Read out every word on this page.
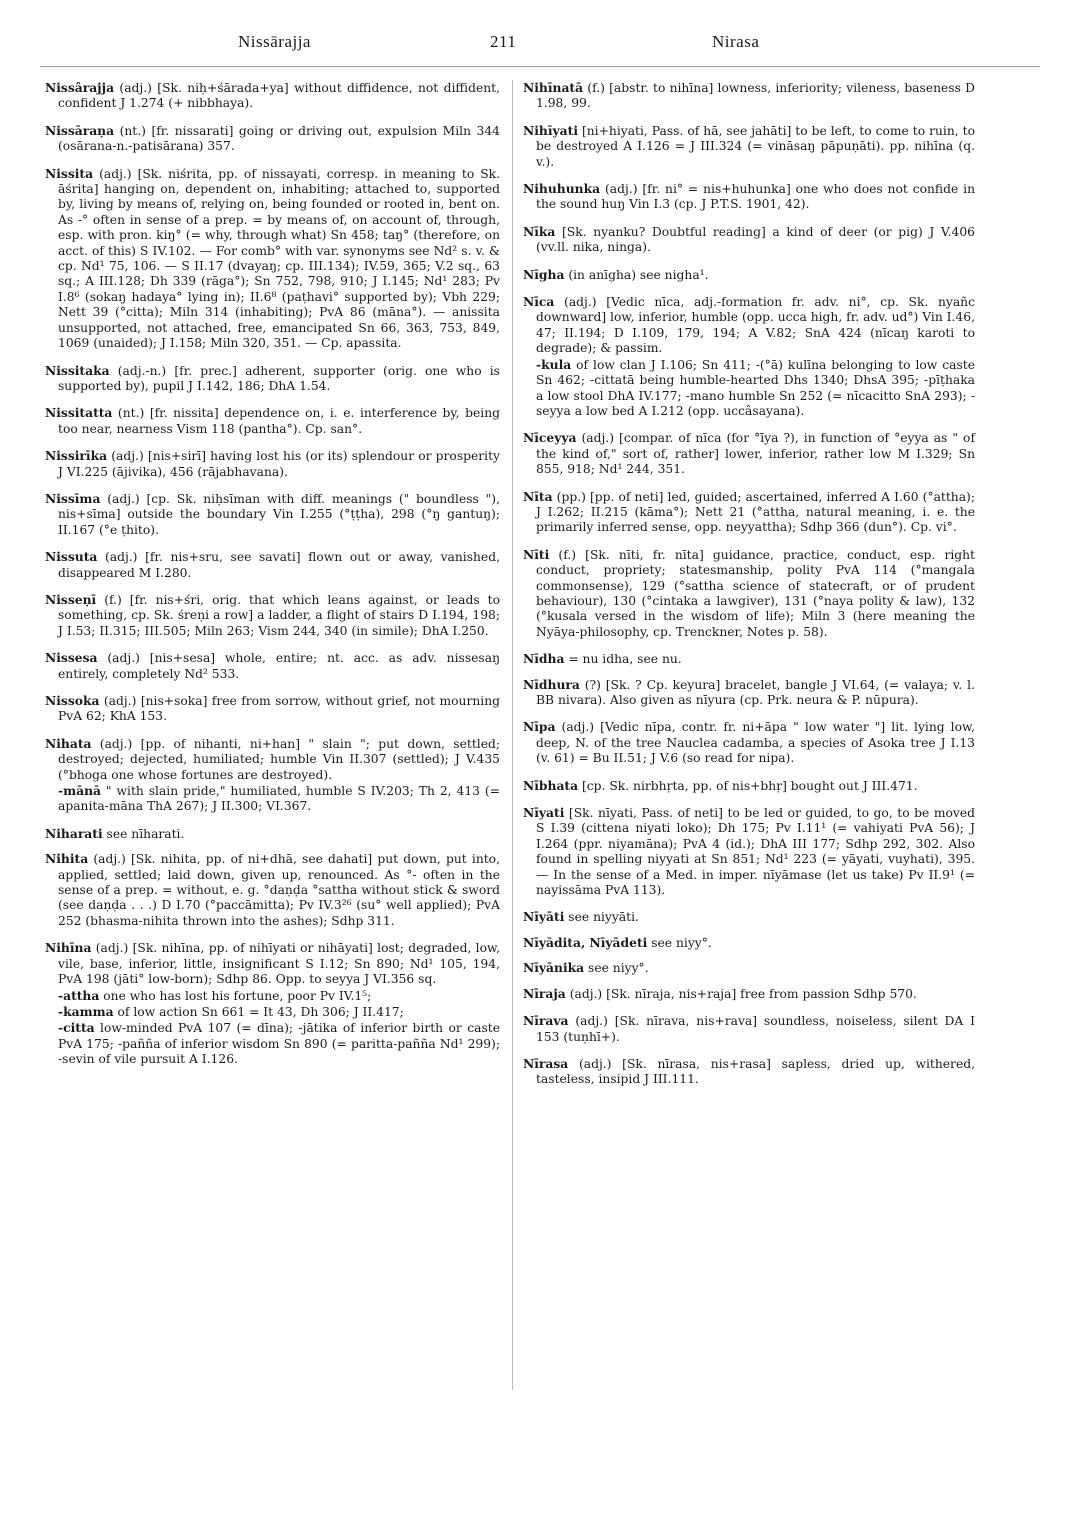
Nissārajja	211	Nirasa
Nissârajja (adj.) [Sk. niḥ+śārada+ya] without diffidence, not diffident, confident J 1.274 (+ nibbhaya).
Nissāraṇa (nt.) [fr. nissarati] going or driving out, expulsion Miln 344 (osārana-n.-patisārana) 357.
Nissita (adj.) [Sk. niśrita, pp. of nissayati, corresp. in meaning to Sk. āśrita] hanging on, dependent on, inhabiting; attached to, supported by, living by means of, relying on, being founded or rooted in, bent on. As -° often in sense of a prep. = by means of, on account of, through, esp. with pron. kiŋ° (= why, through what) Sn 458; taŋ° (therefore, on acct. of this) S IV.102. — For comb° with var. synonyms see Nd² s. v. & cp. Nd¹ 75, 106. — S II.17 (dvayaŋ; cp. III.134); IV.59, 365; V.2 sq., 63 sq.; A III.128; Dh 339 (rāga°); Sn 752, 798, 910; J I.145; Nd¹ 283; Pv I.8⁶ (sokaŋ hadaya° lying in); II.6⁸ (paṭhavi° supported by); Vbh 229; Nett 39 (°citta); Miln 314 (inhabiting); PvA 86 (māna°). — anissita unsupported, not attached, free, emancipated Sn 66, 363, 753, 849, 1069 (unaided); J I.158; Miln 320, 351. — Cp. apassita.
Nissitaka (adj.-n.) [fr. prec.] adherent, supporter (orig. one who is supported by), pupil J I.142, 186; DhA 1.54.
Nissitatta (nt.) [fr. nissita] dependence on, i. e. interference by, being too near, nearness Vism 118 (pantha°). Cp. san°.
Nissirīka (adj.) [nis+sirī] having lost his (or its) splendour or prosperity J VI.225 (ājivika), 456 (rājabhavana).
Nissīma (adj.) [cp. Sk. niḥsīman with diff. meanings (" boundless "), nis+sīma] outside the boundary Vin I.255 (°ṭṭha), 298 (°ŋ gantuŋ); II.167 (°e ṭhito).
Nissuta (adj.) [fr. nis+sru, see savati] flown out or away, vanished, disappeared M I.280.
Nisseṇī (f.) [fr. nis+śri, orig. that which leans against, or leads to something, cp. Sk. śreṇi a row] a ladder, a flight of stairs D I.194, 198; J I.53; II.315; III.505; Miln 263; Vism 244, 340 (in simile); DhA I.250.
Nissesa (adj.) [nis+sesa] whole, entire; nt. acc. as adv. nissesaŋ entirely, completely Nd² 533.
Nissoka (adj.) [nis+soka] free from sorrow, without grief, not mourning PvA 62; KhA 153.
Nihata (adj.) [pp. of nihanti, ni+han] " slain "; put down, settled; destroyed; dejected, humiliated; humble Vin II.307 (settled); J V.435 (°bhoga one whose fortunes are destroyed).
-mānā " with slain pride," humiliated, humble S IV.203; Th 2, 413 (= apanita-māna ThA 267); J II.300; VI.367.
Niharati see nīharati.
Nihita (adj.) [Sk. nihita, pp. of ni+dhā, see dahati] put down, put into, applied, settled; laid down, given up, renounced. As °- often in the sense of a prep. = without, e. g. °daṇḍa °sattha without stick & sword (see daṇḍa . . .) D I.70 (°paccāmitta); Pv IV.3²⁶ (su° well applied); PvA 252 (bhasma-nihita thrown into the ashes); Sdhp 311.
Nihīna (adj.) [Sk. nihīna, pp. of nihīyati or nihāyati] lost; degraded, low, vile, base, inferior, little, insignificant S I.12; Sn 890; Nd¹ 105, 194, PvA 198 (jāti° low-born); Sdhp 86. Opp. to seyya J VI.356 sq.
-attha one who has lost his fortune, poor Pv IV.1⁵;
-kamma of low action Sn 661 = It 43, Dh 306; J II.417;
-citta low-minded PvA 107 (= dīna); -jātika of inferior birth or caste PvA 175; -pañña of inferior wisdom Sn 890 (= paritta-pañña Nd¹ 299); -sevin of vile pursuit A I.126.
Nihīnatā (f.) [abstr. to nihīna] lowness, inferiority; vileness, baseness D 1.98, 99.
Nihīyati [ni+hiyati, Pass. of hā, see jahāti] to be left, to come to ruin, to be destroyed A I.126 = J III.324 (= vināsaŋ pāpuṇāti). pp. nihīna (q. v.).
Nihuhunka (adj.) [fr. ni° = nis+huhunka] one who does not confide in the sound huŋ Vin I.3 (cp. J P.T.S. 1901, 42).
Nīka [Sk. nyanku? Doubtful reading] a kind of deer (or pig) J V.406 (vv.ll. nika, ninga).
Nīgha (in anīgha) see nigha¹.
Nīca (adj.) [Vedic nīca, adj.-formation fr. adv. ni°, cp. Sk. nyañc downward] low, inferior, humble (opp. ucca high, fr. adv. ud°) Vin I.46, 47; II.194; D I.109, 179, 194; A V.82; SnA 424 (nīcaŋ karoti to degrade); & passim.
-kula of low clan J I.106; Sn 411; -(°ā) kulīna belonging to low caste Sn 462; -cittatā being humble-hearted Dhs 1340; DhsA 395; -pīṭhaka a low stool DhA IV.177; -mano humble Sn 252 (= nīcacitto SnA 293); -seyya a low bed A I.212 (opp. uccâsayana).
Nīceyya (adj.) [compar. of nīca (for °īya ?), in function of °eyya as " of the kind of," sort of, rather] lower, inferior, rather low M I.329; Sn 855, 918; Nd¹ 244, 351.
Nīta (pp.) [pp. of neti] led, guided; ascertained, inferred A I.60 (°attha); J I.262; II.215 (kāma°); Nett 21 (°attha, natural meaning, i. e. the primarily inferred sense, opp. neyyattha); Sdhp 366 (dun°). Cp. vi°.
Nīti (f.) [Sk. nīti, fr. nīta] guidance, practice, conduct, esp. right conduct, propriety; statesmanship, polity PvA 114 (°mangala commonsense), 129 (°sattha science of statecraft, or of prudent behaviour), 130 (°cintaka a lawgiver), 131 (°naya polity & law), 132 (°kusala versed in the wisdom of life); Miln 3 (here meaning the Nyāya-philosophy, cp. Trenckner, Notes p. 58).
Nīdha = nu idha, see nu.
Nīdhura (?) [Sk. ? Cp. keyura] bracelet, bangle J VI.64, (= valaya; v. l. BB nivara). Also given as nīyura (cp. Prk. neura & P. nūpura).
Nīpa (adj.) [Vedic nīpa, contr. fr. ni+āpa " low water "] lit. lying low, deep, N. of the tree Nauclea cadamba, a species of Asoka tree J I.13 (v. 61) = Bu II.51; J V.6 (so read for nipa).
Nībhata [cp. Sk. nirbhṛta, pp. of nis+bhṛ] bought out J III.471.
Nīyati [Sk. nīyati, Pass. of neti] to be led or guided, to go, to be moved S I.39 (cittena niyati loko); Dh 175; Pv I.11¹ (= vahiyati PvA 56); J I.264 (ppr. niyamāna); PvA 4 (id.); DhA III 177; Sdhp 292, 302. Also found in spelling niyyati at Sn 851; Nd¹ 223 (= yāyati, vuyhati), 395. — In the sense of a Med. in imper. nīyāmase (let us take) Pv II.9¹ (= nayissāma PvA 113).
Nīyāti see niyyāti.
Nīyādita, Nīyādeti see niyy°.
Nīyānika see niyy°.
Nīraja (adj.) [Sk. nīraja, nis+raja] free from passion Sdhp 570.
Nīrava (adj.) [Sk. nīrava, nis+rava] soundless, noiseless, silent DA I 153 (tuṇhī+).
Nīrasa (adj.) [Sk. nīrasa, nis+rasa] sapless, dried up, withered, tasteless, insipid J III.111.
